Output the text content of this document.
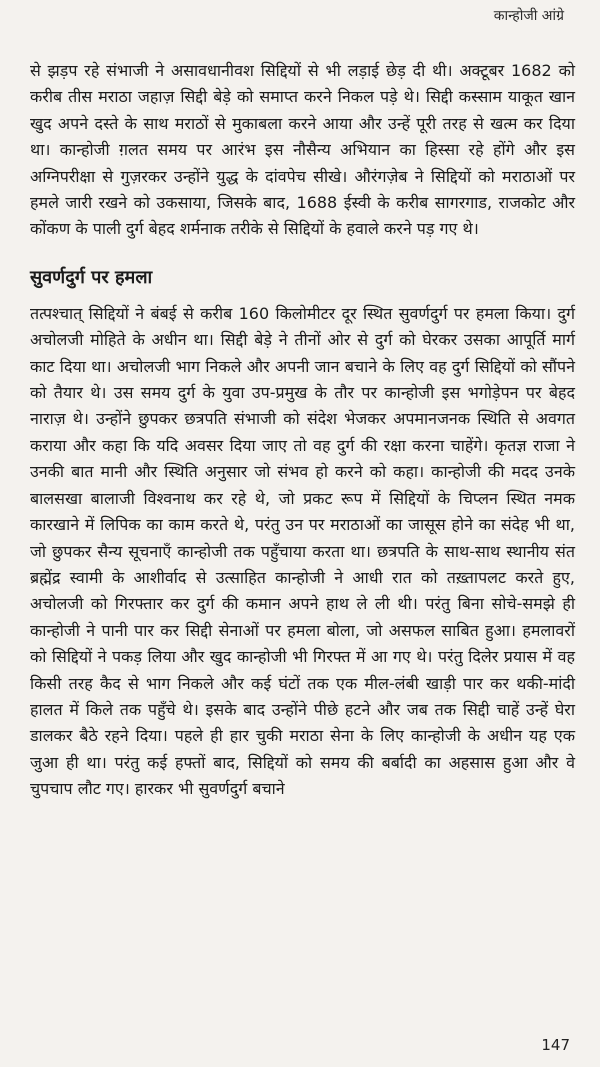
कान्होजी आंग्रे

से झड़प रहे संभाजी ने असावधानीवश सिद्दियों से भी लड़ाई छेड़ दी थी। अक्टूबर 1682 को करीब तीस मराठा जहाज़ सिद्दी बेड़े को समाप्त करने निकल पड़े थे। सिद्दी कस्साम याकूत खान खुद अपने दस्ते के साथ मराठों से मुकाबला करने आया और उन्हें पूरी तरह से खत्म कर दिया था। कान्होजी ग़लत समय पर आरंभ इस नौसैन्य अभियान का हिस्सा रहे होंगे और इस अग्निपरीक्षा से गुज़रकर उन्होंने युद्ध के दांवपेच सीखे। औरंगज़ेब ने सिद्दियों को मराठाओं पर हमले जारी रखने को उकसाया, जिसके बाद, 1688 ईस्वी के करीब सागरगाड, राजकोट और कोंकण के पाली दुर्ग बेहद शर्मनाक तरीके से सिद्दियों के हवाले करने पड़ गए थे।

सुवर्णदुर्ग पर हमला

तत्पश्चात् सिद्दियों ने बंबई से करीब 160 किलोमीटर दूर स्थित सुवर्णदुर्ग पर हमला किया। दुर्ग अचोलजी मोहिते के अधीन था। सिद्दी बेड़े ने तीनों ओर से दुर्ग को घेरकर उसका आपूर्ति मार्ग काट दिया था। अचोलजी भाग निकले और अपनी जान बचाने के लिए वह दुर्ग सिद्दियों को सौंपने को तैयार थे। उस समय दुर्ग के युवा उप-प्रमुख के तौर पर कान्होजी इस भगोड़ेपन पर बेहद नाराज़ थे। उन्होंने छुपकर छत्रपति संभाजी को संदेश भेजकर अपमानजनक स्थिति से अवगत कराया और कहा कि यदि अवसर दिया जाए तो वह दुर्ग की रक्षा करना चाहेंगे। कृतज्ञ राजा ने उनकी बात मानी और स्थिति अनुसार जो संभव हो करने को कहा। कान्होजी की मदद उनके बालसखा बालाजी विश्वनाथ कर रहे थे, जो प्रकट रूप में सिद्दियों के चिप्लन स्थित नमक कारखाने में लिपिक का काम करते थे, परंतु उन पर मराठाओं का जासूस होने का संदेह भी था, जो छुपकर सैन्य सूचनाएँ कान्होजी तक पहुँचाया करता था। छत्रपति के साथ-साथ स्थानीय संत ब्रह्मेंद्र स्वामी के आशीर्वाद से उत्साहित कान्होजी ने आधी रात को तख़्तापलट करते हुए, अचोलजी को गिरफ्तार कर दुर्ग की कमान अपने हाथ ले ली थी। परंतु बिना सोचे-समझे ही कान्होजी ने पानी पार कर सिद्दी सेनाओं पर हमला बोला, जो असफल साबित हुआ। हमलावरों को सिद्दियों ने पकड़ लिया और खुद कान्होजी भी गिरफ्त में आ गए थे। परंतु दिलेर प्रयास में वह किसी तरह कैद से भाग निकले और कई घंटों तक एक मील-लंबी खाड़ी पार कर थकी-मांदी हालत में किले तक पहुँचे थे। इसके बाद उन्होंने पीछे हटने और जब तक सिद्दी चाहें उन्हें घेरा डालकर बैठे रहने दिया। पहले ही हार चुकी मराठा सेना के लिए कान्होजी के अधीन यह एक जुआ ही था। परंतु कई हफ्तों बाद, सिद्दियों को समय की बर्बादी का अहसास हुआ और वे चुपचाप लौट गए। हारकर भी सुवर्णदुर्ग बचाने

147
